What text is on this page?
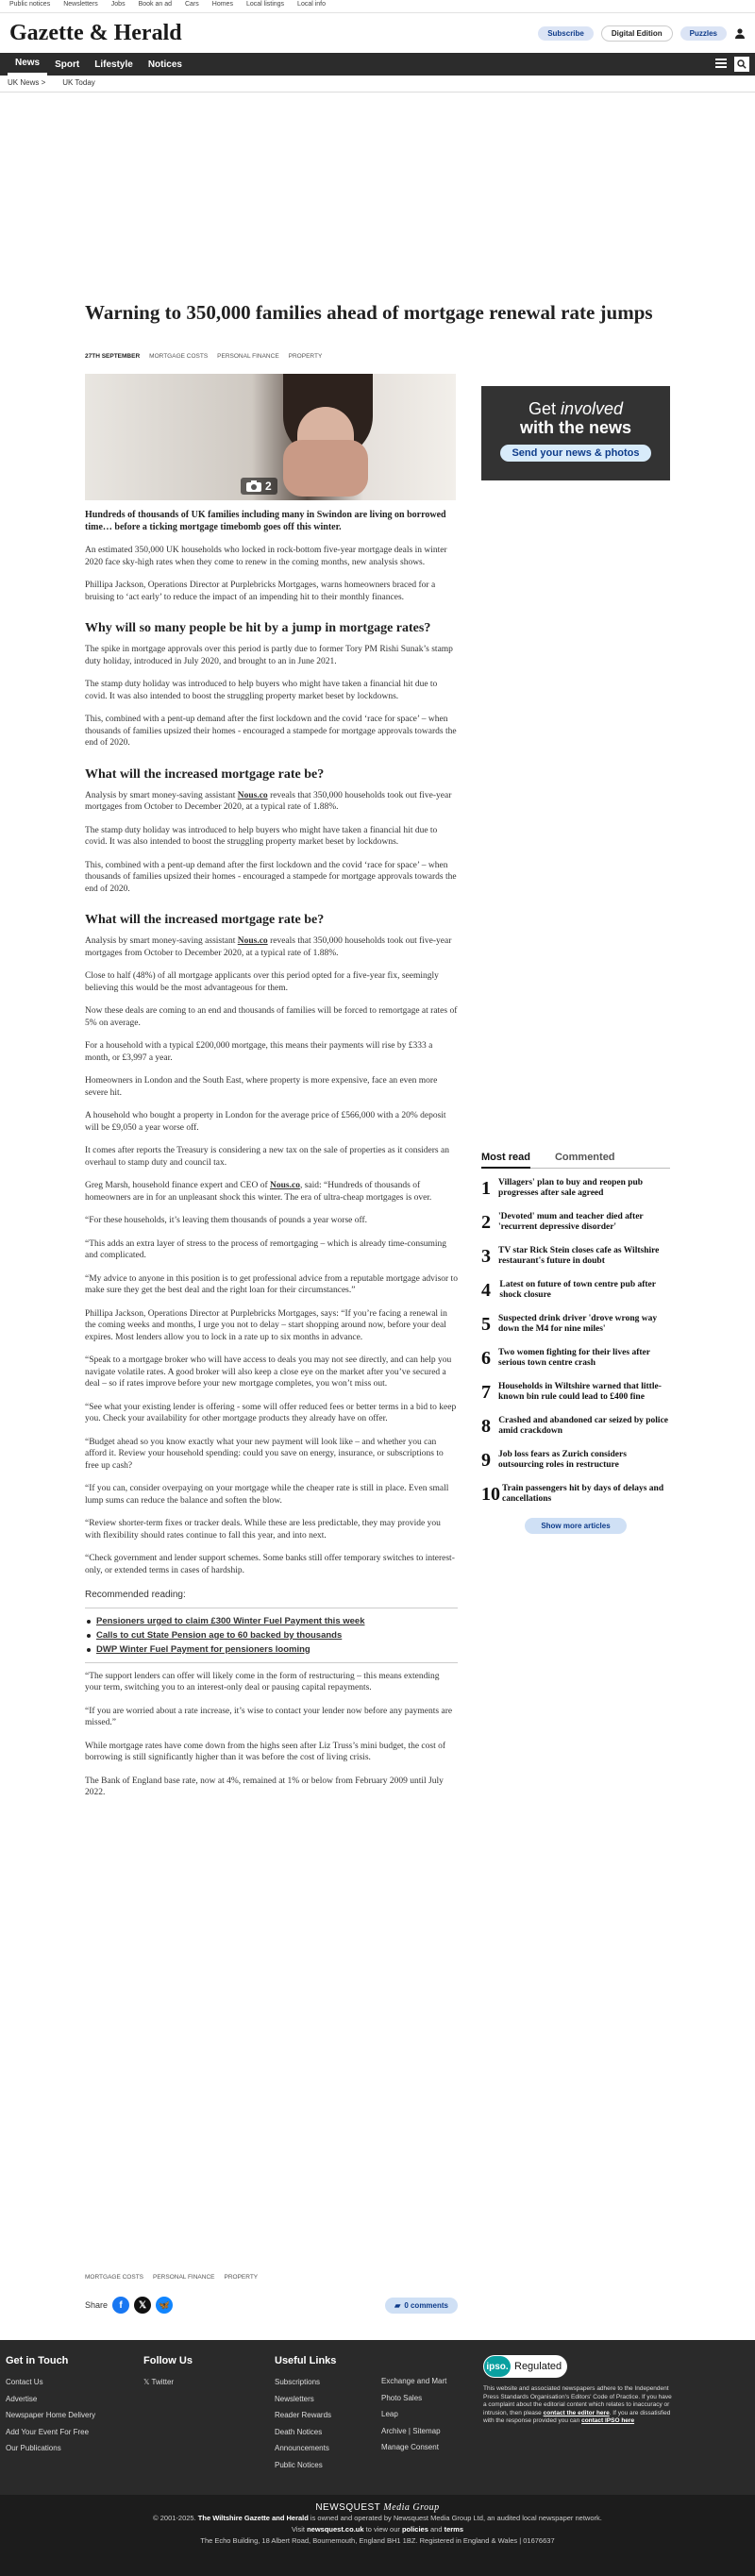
Public notices Newsletters Jobs Book an ad Cars Homes Local listings Local info
Gazette & Herald	Subscribe	Digital Edition	Puzzles
News	Sport	Lifestyle	Notices
UK News > UK Today
Warning to 350,000 families ahead of mortgage renewal rate jumps
27TH SEPTEMBER MORTGAGE COSTS PERSONAL FINANCE PROPERTY
2

Hundreds of thousands of UK families including many in Swindon are living on borrowed time… before a ticking mortgage timebomb goes off this winter.

An estimated 350,000 UK households who locked in rock-bottom five-year mortgage deals in winter 2020 face sky-high rates when they come to renew in the coming months, new analysis shows.

Phillipa Jackson, Operations Director at Purplebricks Mortgages, warns homeowners braced for a bruising to ‘act early’ to reduce the impact of an impending hit to their monthly finances.

Why will so many people be hit by a jump in mortgage rates?

The spike in mortgage approvals over this period is partly due to former Tory PM Rishi Sunak’s stamp duty holiday, introduced in July 2020, and brought to an in June 2021.

The stamp duty holiday was introduced to help buyers who might have taken a financial hit due to covid. It was also intended to boost the struggling property market beset by lockdowns.

This, combined with a pent-up demand after the first lockdown and the covid ‘race for space’ – when thousands of families upsized their homes - encouraged a stampede for mortgage approvals towards the end of 2020.

What will the increased mortgage rate be?

Analysis by smart money-saving assistant Nous.co reveals that 350,000 households took out five-year mortgages from October to December 2020, at a typical rate of 1.88%.

The stamp duty holiday was introduced to help buyers who might have taken a financial hit due to covid. It was also intended to boost the struggling property market beset by lockdowns.

This, combined with a pent-up demand after the first lockdown and the covid ‘race for space’ – when thousands of families upsized their homes - encouraged a stampede for mortgage approvals towards the end of 2020.

What will the increased mortgage rate be?

Analysis by smart money-saving assistant Nous.co reveals that 350,000 households took out five-year mortgages from October to December 2020, at a typical rate of 1.88%.

Close to half (48%) of all mortgage applicants over this period opted for a five-year fix, seemingly believing this would be the most advantageous for them.

Now these deals are coming to an end and thousands of families will be forced to remortgage at rates of 5% on average.

For a household with a typical £200,000 mortgage, this means their payments will rise by £333 a month, or £3,997 a year.

Homeowners in London and the South East, where property is more expensive, face an even more severe hit.

A household who bought a property in London for the average price of £566,000 with a 20% deposit will be £9,050 a year worse off.

It comes after reports the Treasury is considering a new tax on the sale of properties as it considers an overhaul to stamp duty and council tax.

Greg Marsh, household finance expert and CEO of Nous.co, said: “Hundreds of thousands of homeowners are in for an unpleasant shock this winter. The era of ultra-cheap mortgages is over.

“For these households, it’s leaving them thousands of pounds a year worse off.

“This adds an extra layer of stress to the process of remortgaging – which is already time-consuming and complicated.

“My advice to anyone in this position is to get professional advice from a reputable mortgage advisor to make sure they get the best deal and the right loan for their circumstances.”

Phillipa Jackson, Operations Director at Purplebricks Mortgages, says: “If you’re facing a renewal in the coming weeks and months, I urge you not to delay – start shopping around now, before your deal expires. Most lenders allow you to lock in a rate up to six months in advance.

“Speak to a mortgage broker who will have access to deals you may not see directly, and can help you navigate volatile rates. A good broker will also keep a close eye on the market after you’ve secured a deal – so if rates improve before your new mortgage completes, you won’t miss out.

“See what your existing lender is offering - some will offer reduced fees or better terms in a bid to keep you. Check your availability for other mortgage products they already have on offer.

“Budget ahead so you know exactly what your new payment will look like – and whether you can afford it. Review your household spending: could you save on energy, insurance, or subscriptions to free up cash?

“If you can, consider overpaying on your mortgage while the cheaper rate is still in place. Even small lump sums can reduce the balance and soften the blow.

“Review shorter-term fixes or tracker deals. While these are less predictable, they may provide you with flexibility should rates continue to fall this year, and into next.

“Check government and lender support schemes. Some banks still offer temporary switches to interest-only, or extended terms in cases of hardship.

Recommended reading:
Pensioners urged to claim £300 Winter Fuel Payment this week
Calls to cut State Pension age to 60 backed by thousands
DWP Winter Fuel Payment for pensioners looming

“The support lenders can offer will likely come in the form of restructuring – this means extending your term, switching you to an interest-only deal or pausing capital repayments.

“If you are worried about a rate increase, it’s wise to contact your lender now before any payments are missed.”

While mortgage rates have come down from the highs seen after Liz Truss’s mini budget, the cost of borrowing is still significantly higher than it was before the cost of living crisis.

The Bank of England base rate, now at 4%, remained at 1% or below from February 2009 until July 2022.

MORTGAGE COSTS PERSONAL FINANCE PROPERTY
Share	f	𝕏	🦋	▰ 0 comments
Get involved
with the news
Send your news & photos
Most read Commented
1 Villagers' plan to buy and reopen pub progresses after sale agreed
2 'Devoted' mum and teacher died after 'recurrent depressive disorder'
3 TV star Rick Stein closes cafe as Wiltshire restaurant's future in doubt
4 Latest on future of town centre pub after shock closure
5 Suspected drink driver 'drove wrong way down the M4 for nine miles'
6 Two women fighting for their lives after serious town centre crash
7 Households in Wiltshire warned that little-known bin rule could lead to £400 fine
8 Crashed and abandoned car seized by police amid crackdown
9 Job loss fears as Zurich considers outsourcing roles in restructure
10 Train passengers hit by days of delays and cancellations
Show more articles
Get in Touch
Contact Us
Advertise
Newspaper Home Delivery
Add Your Event For Free
Our Publications
Follow Us
𝕏 Twitter
Useful Links
Subscriptions
Newsletters
Reader Rewards
Death Notices
Announcements
Public Notices
Exchange and Mart
Photo Sales
Leap
Archive | Sitemap
Manage Consent
ipso. Regulated
This website and associated newspapers adhere to the Independent Press Standards Organisation's Editors' Code of Practice. If you have a complaint about the editorial content which relates to inaccuracy or intrusion, then please contact the editor here. If you are dissatisfied with the response provided you can contact IPSO here
NEWSQUEST Media Group
© 2001-2025. The Wiltshire Gazette and Herald is owned and operated by Newsquest Media Group Ltd, an audited local newspaper network.
Visit newsquest.co.uk to view our policies and terms
The Echo Building, 18 Albert Road, Bournemouth, England BH1 1BZ. Registered in England & Wales | 01676637
